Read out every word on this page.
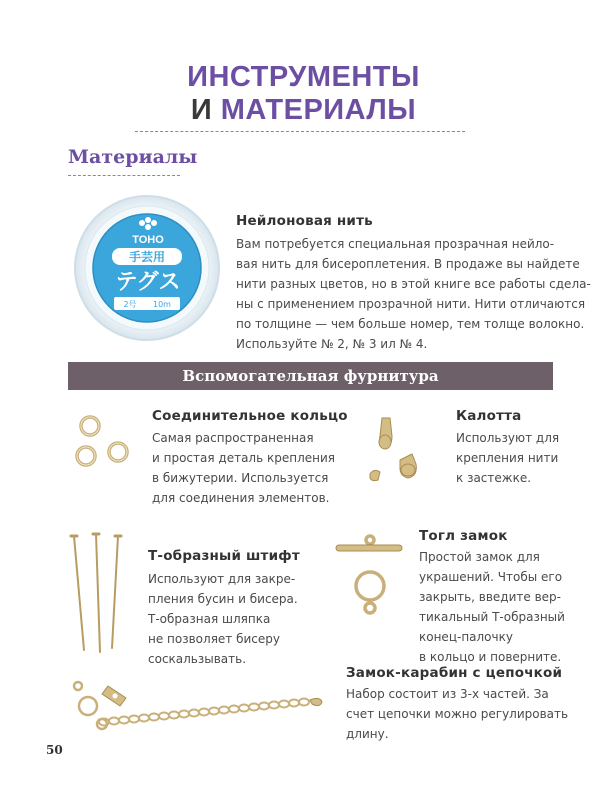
ИНСТРУМЕНТЫ
И МАТЕРИАЛЫ
Материалы
TOHO
手芸用
テグス
2号 10m
Нейлоновая нить
Вам потребуется специальная прозрачная нейло-
вая нить для бисероплетения. В продаже вы найдете
нити разных цветов, но в этой книге все работы сдела-
ны с применением прозрачной нити. Нити отличаются
по толщине — чем больше номер, тем толще волокно.
Используйте № 2, № 3 ил № 4.
Вспомогательная фурнитура
Соединительное кольцо
Самая распространенная
и простая деталь крепления
в бижутерии. Используется
для соединения элементов.
Калотта
Используют для
крепления нити
к застежке.
Т-образный штифт
Используют для закре-
пления бусин и бисера.
Т-образная шляпка
не позволяет бисеру
соскальзывать.
Тогл замок
Простой замок для
украшений. Чтобы его
закрыть, введите вер-
тикальный Т-образный
конец-палочку
в кольцо и поверните.
Замок-карабин с цепочкой
Набор состоит из 3-х частей. За
счет цепочки можно регулировать
длину.
50
